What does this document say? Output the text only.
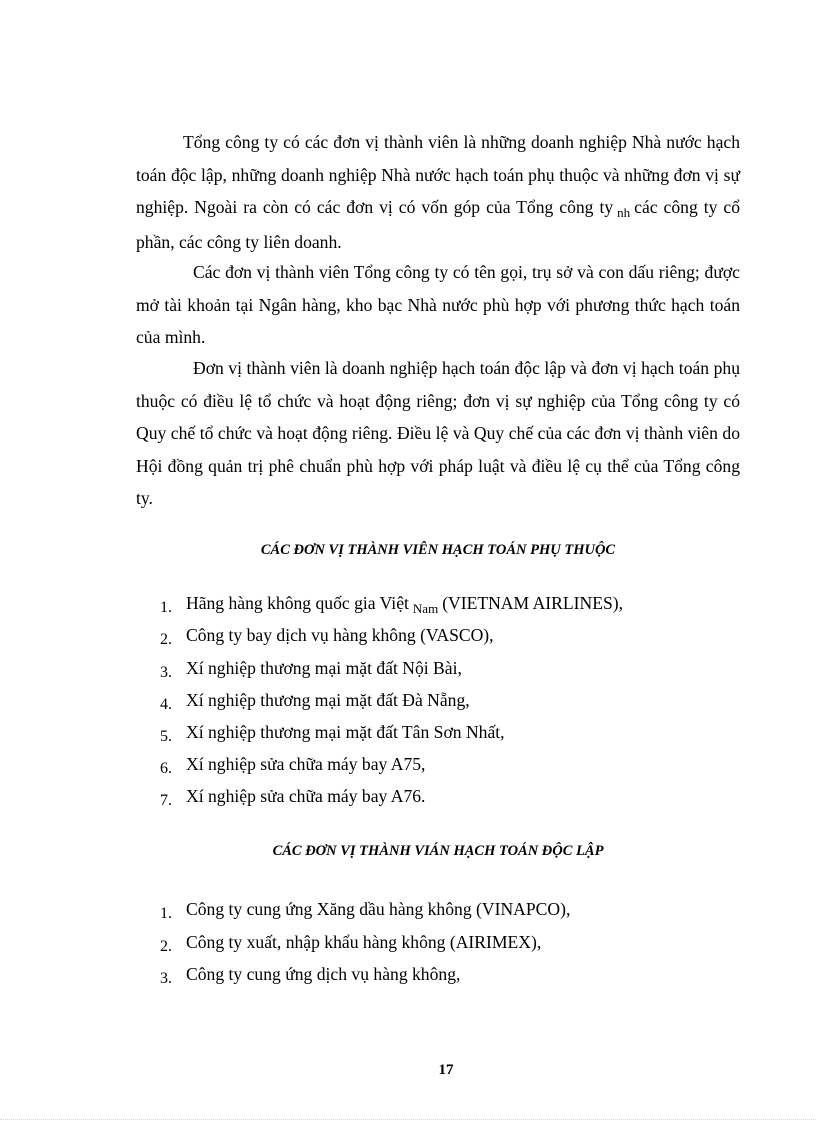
Tổng công ty có các đơn vị thành viên là những doanh nghiệp Nhà nước hạch toán độc lập, những doanh nghiệp Nhà nước hạch toán phụ thuộc và những đơn vị sự nghiệp. Ngoài ra còn có các đơn vị có vốn góp của Tổng công ty $_{nh}$ các công ty cổ phần, các công ty liên doanh.

Các đơn vị thành viên Tổng công ty có tên gọi, trụ sở và con dấu riêng; được mở tài khoản tại Ngân hàng, kho bạc Nhà nước phù hợp với phương thức hạch toán của mình.

Đơn vị thành viên là doanh nghiệp hạch toán độc lập và đơn vị hạch toán phụ thuộc có điều lệ tổ chức và hoạt động riêng; đơn vị sự nghiệp của Tổng công ty có Quy chế tổ chức và hoạt động riêng. Điều lệ và Quy chế của các đơn vị thành viên do Hội đồng quản trị phê chuẩn phù hợp với pháp luật và điều lệ cụ thể của Tổng công ty.

CÁC ĐƠN VỊ THÀNH VIÊN HẠCH TOÁN PHỤ THUỘC

1. Hãng hàng không quốc gia Việt $_{Nam}$ (VIETNAM AIRLINES),
2. Công ty bay dịch vụ hàng không (VASCO),
3. Xí nghiệp thương mại mặt đất Nội Bài,
4. Xí nghiệp thương mại mặt đất Đà Nẵng,
5. Xí nghiệp thương mại mặt đất Tân Sơn Nhất,
6. Xí nghiệp sửa chữa máy bay A75,
7. Xí nghiệp sửa chữa máy bay A76.

CÁC ĐƠN VỊ THÀNH VIÁN HẠCH TOÁN ĐỘC LẬP

1. Công ty cung ứng Xăng dầu hàng không (VINAPCO),
2. Công ty xuất, nhập khẩu hàng không (AIRIMEX),
3. Công ty cung ứng dịch vụ hàng không,
17
